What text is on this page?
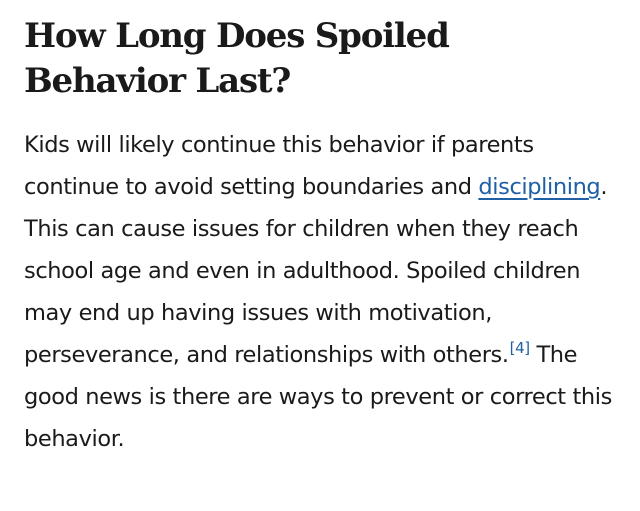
How Long Does Spoiled Behavior Last?

Kids will likely continue this behavior if parents continue to avoid setting boundaries and disciplining. This can cause issues for children when they reach school age and even in adulthood. Spoiled children may end up having issues with motivation, perseverance, and relationships with others.[4] The good news is there are ways to prevent or correct this behavior.
